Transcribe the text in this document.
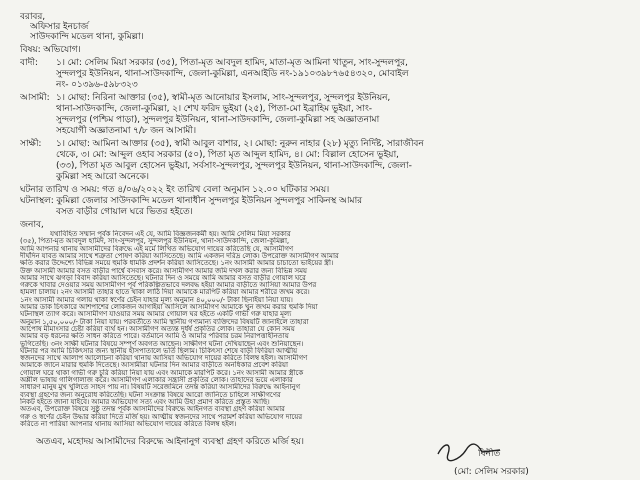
বরাবর,
অফিসার ইনচার্জ
সাউদকান্দি মডেল থানা, কুমিল্লা।
বিষয়: অভিযোগ।
বাদী:	১। মো: সেলিম মিয়া সরকার (৩৫), পিতা-মৃত আবদুল হামিদ, মাতা-মৃত আমিনা খাতুন, সাং-সুন্দলপুর,
সুন্দলপুর ইউনিয়ন, থানা-সাউদকান্দি, জেলা-কুমিল্লা, এনআইডি নং-১৯১০৩৯৮৭৬৫৪৩২০, মোবাইল
নং- ০১৩৯৬-৫৯৮৩২৩
আসামী: ১। মোছা: নিরিনা আক্তার (৩৫), স্বামী-মৃত আনোয়ার ইসলাম, সাং-সুন্দলপুর, সুন্দলপুর ইউনিয়ন,
থানা-সাউদকান্দি, জেলা-কুমিল্লা, ২। শেখ ফরিদ ভুইয়া (২৫), পিতা-মো ইব্রাহিম ভুইয়া, সাং-
সুন্দলপুর (পশ্চিম পাড়া), সুন্দলপুর ইউনিয়ন, থানা-সাউদকান্দি, জেলা-কুমিল্লা সহ অজ্ঞাতনামা
সহযোগী অজ্ঞাতনামা ৭/৮ জন আসামী।
সাক্ষী:	১। মোছা: আমিনা আক্তার (৩৫), স্বামী আবুল বাশার, ২। মোছা: নুরুন নাহার (২৮) মৃত্যু নির্দিষ্ট, সারাজীবন
থেকে, ৩। মো: আব্দুল ওহাব সরকার (৫০), পিতা মৃত আব্দুল হামিদ, ৪। মো: বিল্লাল হোসেন ভুইয়া,
(৩৩), পিতা মৃত আবুল হোসেন ভুইয়া, সর্বসাং-সুন্দলপুর, সুন্দলপুর ইউনিয়ন, থানা-সাউদকান্দি, জেলা-
কুমিল্লা সহ আরো অনেকে।
ঘটনার তারিখ ও সময়: গত ৪/০৬/২০২২ ইং তারিখ বেলা অনুমান ১২.০০ ঘটিকার সময়।
ঘটনাস্থল: কুমিল্লা জেলার সাউদকান্দি মডেল থানাধীন সুন্দলপুর ইউনিয়ন সুন্দলপুর সাকিনস্থ আমার
বসত বাড়ীর গোয়াল ঘরে ভিতর হইতে।
জনাব,
যথাবিহিত সম্মান পূর্বক নিবেদন এই যে, আমি বিজ্ঞজনকর্মী হয়। আমি সেলিম মিয়া সরকার
(৩৫), পিতা-মৃত আবদুল হামিদ, সাং-সুন্দলপুর, সুন্দলপুর ইউনিয়ন, থানা-সাউদকান্দি, জেলা-কুমিল্লা,
আমি আপনার থানায় আসামীদের বিরুদ্ধে এই মর্মে লিখিত অভিযোগ দায়ের করিতেছি যে, আসামীগণ
দীর্ঘদিন যাবত আমার সাথে শত্রুতা পোষণ করিয়া আসিতেছে। আমি একজন দরিদ্র লোক। উপরোক্ত আসামীগণ আমার
ক্ষতি করার উদ্দেশ্যে বিভিন্ন সময়ে হুমকি ধামকি প্রদর্শন করিয়া আসিতেছে। ১নং আসামী আমার চাচাতো ভাইয়ের স্ত্রী।
উক্ত আসামী আমার বসত বাড়ীর পার্শ্বে বসবাস করে। আসামীগণ আমার জমি দখল করার জন্য বিভিন্ন সময়
আমার সাথে ঝগড়া বিবাদ করিয়া আসিতেছে। ঘটনার দিন ও সময়ে আমি আমার বসত বাড়ীর গোয়াল ঘরে
গরুকে খাবার দেওয়ার সময় আসামীগণ পূর্ব পরিকল্পিতভাবে দলবদ্ধ হইয়া আমার বাড়ীতে আসিয়া আমার উপর
হামলা চালায়। ২নং আসামী তাহার হাতে থাকা লাঠি দিয়া আমাকে মারপিট করিয়া আমার শরীরে জখম করে।
১নং আসামী আমার গলায় থাকা স্বর্ণের চেইন যাহার মূল্য অনুমান ৪০,০০০/- টাকা ছিনাইয়া নিয়া যায়।
আমার ডাক চিৎকারে আশপাশের লোকজন আগাইয়া আসিলে আসামীগণ আমাকে খুন জখম করার হুমকি দিয়া
ঘটনাস্থল ত্যাগ করে। আসামীগণ যাওয়ার সময় আমার গোয়াল ঘর হইতে একটি গাভী গরু যাহার মূল্য
অনুমান ১,৫০,০০০/- টাকা নিয়া যায়। পরবর্তীতে আমি স্থানীয় গণ্যমান্য ব্যক্তিদের বিষয়টি জানাইলে তাহারা
আপোষ মীমাংসার চেষ্টা করিয়া ব্যর্থ হন। আসামীগণ অত্যন্ত দুর্ধর্ষ প্রকৃতির লোক। তাহারা যে কোন সময়
আমার বড় ধরনের ক্ষতি সাধন করিতে পারে। বর্তমানে আমি ও আমার পরিবার চরম নিরাপত্তাহীনতায়
ভুগিতেছি। ৩নং সাক্ষী ঘটনার বিষয়ে সম্পূর্ণ অবগত আছেন। সাক্ষীগণ ঘটনা দেখিয়াছেন এবং শুনিয়াছেন।
ঘটনার পর আমি চিকিৎসার জন্য স্থানীয় হাসপাতালে ভর্তি ছিলাম। চিকিৎসা শেষে বাড়ী ফিরিয়া আত্মীয়
স্বজনদের সাথে আলাপ আলোচনা করিয়া থানায় আসিয়া অভিযোগ দায়ের করিতে বিলম্ব হইল। আসামীগণ
আমাকে জানে মারার হুমকি দিতেছে। আসামীরা ঘটনার দিন আমার বাড়ীতে অনধিকার প্রবেশ করিয়া
গোয়াল ঘরে থাকা গাভী গরু চুরি করিয়া নিয়া যায় এবং আমাকে মারপিট করে। ১নং আসামী আমার স্ত্রীকে
অশ্লীল ভাষায় গালিগালাজ করে। আসামীগণ এলাকার সন্ত্রাসী প্রকৃতির লোক। তাহাদের ভয়ে এলাকার
সাধারণ মানুষ মুখ খুলিতে সাহস পায় না। বিষয়টি সরেজমিনে তদন্ত করিয়া আসামীদের বিরুদ্ধে আইনানুগ
ব্যবস্থা গ্রহণের জন্য অনুরোধ করিতেছি। ঘটনা সংক্রান্ত বিষয়ে আরো জানিতে চাহিলে সাক্ষীগণের
নিকট হইতে জানা যাইবে। আমার অভিযোগ সত্য এবং আমি উহা প্রমাণ করিতে প্রস্তুত আছি।
অতএব, উপরোক্ত বিষয়ে সুষ্ঠু তদন্ত পূর্বক আসামীদের বিরুদ্ধে আইনগত ব্যবস্থা গ্রহণ করিয়া আমার
গরু ও স্বর্ণের চেইন উদ্ধার করিয়া দিতে মর্জি হয়। আত্মীয় স্বজনদের সাথে পরামর্শ করিয়া অভিযোগ দায়ের
করিতে না পারিয়া আপনার থানায় আসিয়া অভিযোগ দায়ের করিতে বিলম্ব হইল।
অতএব, মহোদয় আসামীদের বিরুদ্ধে আইনানুগ ব্যবস্থা গ্রহণ করিতে মর্জি হয়।
বিনীত
(মো: সেলিম সরকার)
